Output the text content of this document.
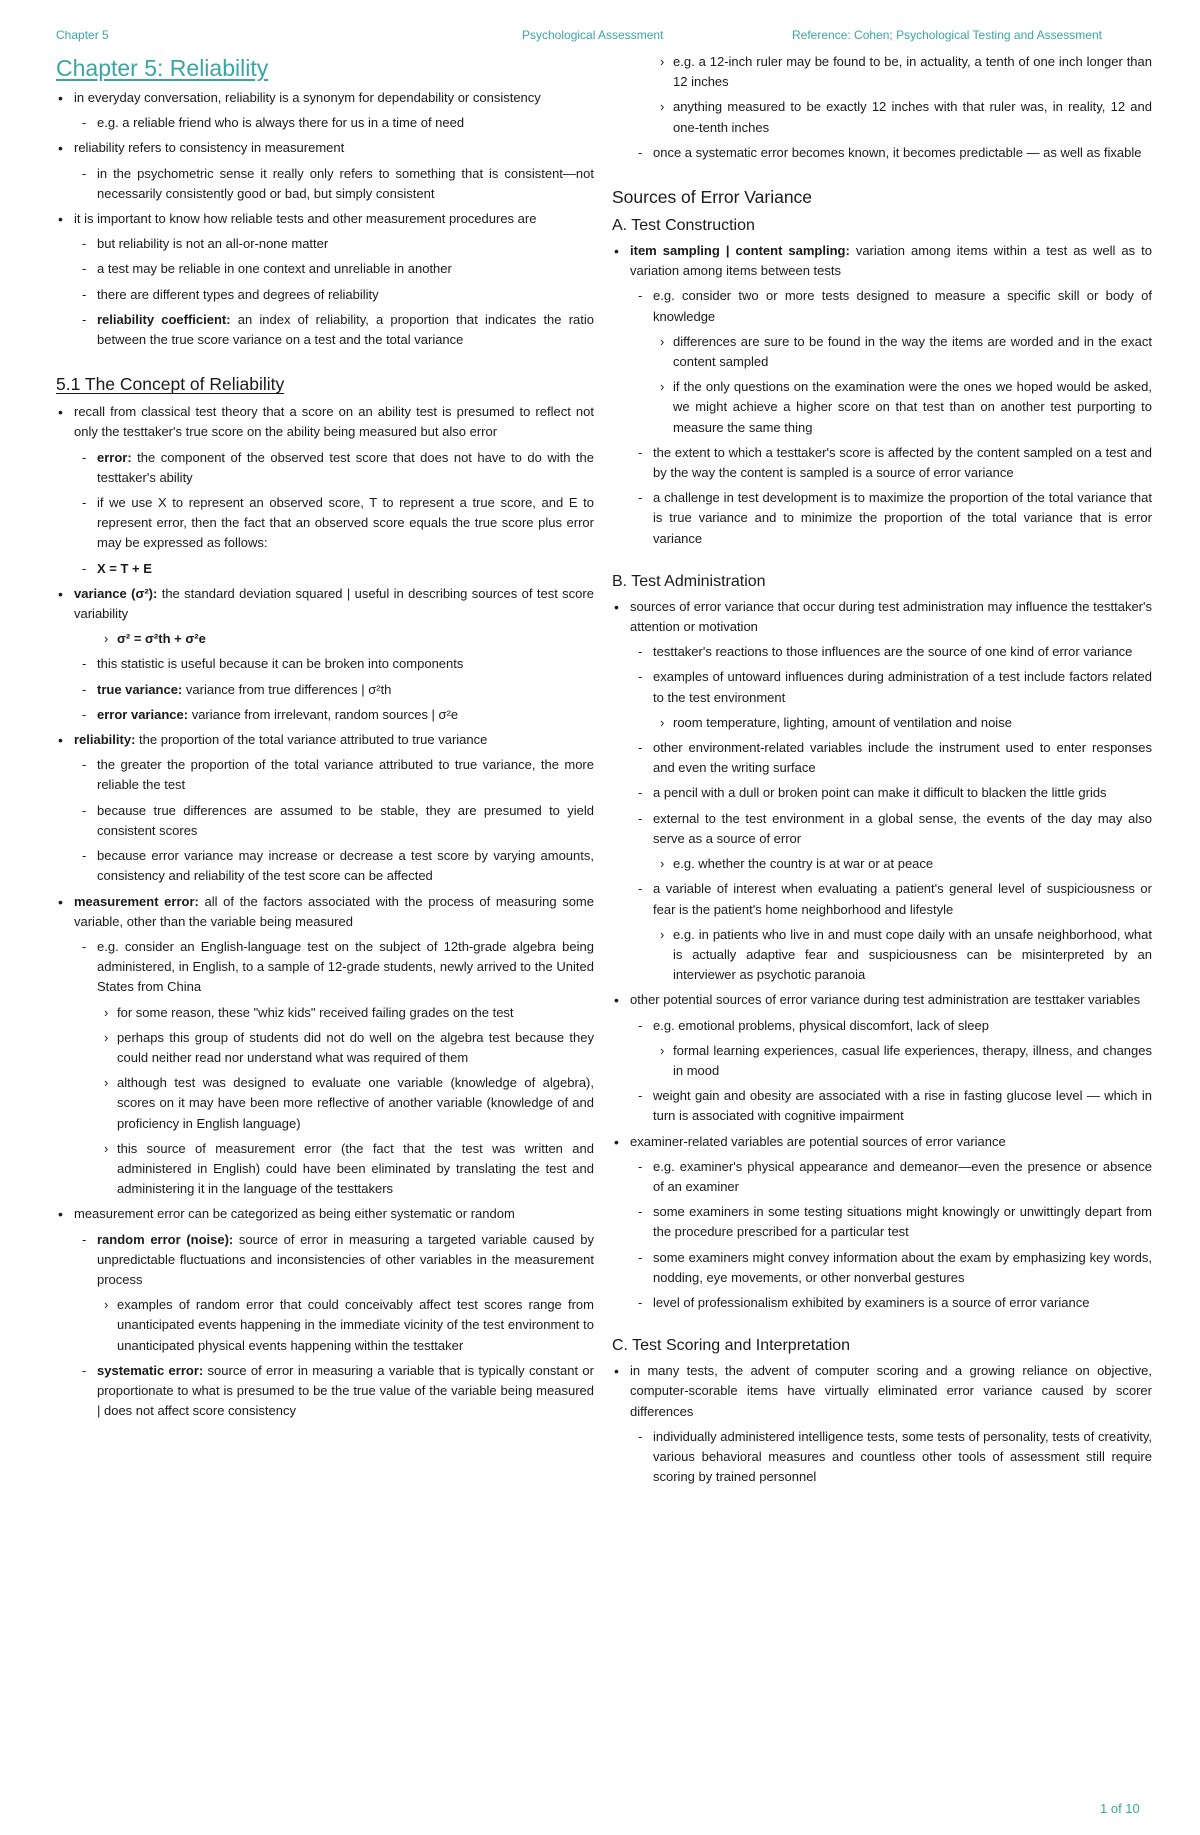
Chapter 5	Psychological Assessment	Reference: Cohen; Psychological Testing and Assessment
Chapter 5: Reliability
• in everyday conversation, reliability is a synonym for dependability or consistency
- e.g. a reliable friend who is always there for us in a time of need
• reliability refers to consistency in measurement
- in the psychometric sense it really only refers to something that is consistent—not necessarily consistently good or bad, but simply consistent
• it is important to know how reliable tests and other measurement procedures are
- but reliability is not an all-or-none matter
- a test may be reliable in one context and unreliable in another
- there are different types and degrees of reliability
- reliability coefficient: an index of reliability, a proportion that indicates the ratio between the true score variance on a test and the total variance
5.1 The Concept of Reliability
• recall from classical test theory that a score on an ability test is presumed to reflect not only the testtaker's true score on the ability being measured but also error
- error: the component of the observed test score that does not have to do with the testtaker's ability
- if we use X to represent an observed score, T to represent a true score, and E to represent error, then the fact that an observed score equals the true score plus error may be expressed as follows:
- X = T + E
• variance (σ²): the standard deviation squared | useful in describing sources of test score variability
› σ² = σ²th + σ²e
- this statistic is useful because it can be broken into components
- true variance: variance from true differences | σ²th
- error variance: variance from irrelevant, random sources | σ²e
• reliability: the proportion of the total variance attributed to true variance
- the greater the proportion of the total variance attributed to true variance, the more reliable the test
- because true differences are assumed to be stable, they are presumed to yield consistent scores
- because error variance may increase or decrease a test score by varying amounts, consistency and reliability of the test score can be affected
• measurement error: all of the factors associated with the process of measuring some variable, other than the variable being measured
- e.g. consider an English-language test on the subject of 12th-grade algebra being administered, in English, to a sample of 12-grade students, newly arrived to the United States from China
› for some reason, these "whiz kids" received failing grades on the test
› perhaps this group of students did not do well on the algebra test because they could neither read nor understand what was required of them
› although test was designed to evaluate one variable (knowledge of algebra), scores on it may have been more reflective of another variable (knowledge of and proficiency in English language)
› this source of measurement error (the fact that the test was written and administered in English) could have been eliminated by translating the test and administering it in the language of the testtakers
• measurement error can be categorized as being either systematic or random
- random error (noise): source of error in measuring a targeted variable caused by unpredictable fluctuations and inconsistencies of other variables in the measurement process
› examples of random error that could conceivably affect test scores range from unanticipated events happening in the immediate vicinity of the test environment to unanticipated physical events happening within the testtaker
- systematic error: source of error in measuring a variable that is typically constant or proportionate to what is presumed to be the true value of the variable being measured | does not affect score consistency
› e.g. a 12-inch ruler may be found to be, in actuality, a tenth of one inch longer than 12 inches
› anything measured to be exactly 12 inches with that ruler was, in reality, 12 and one-tenth inches
- once a systematic error becomes known, it becomes predictable — as well as fixable
Sources of Error Variance
A. Test Construction
• item sampling | content sampling: variation among items within a test as well as to variation among items between tests
- e.g. consider two or more tests designed to measure a specific skill or body of knowledge
› differences are sure to be found in the way the items are worded and in the exact content sampled
› if the only questions on the examination were the ones we hoped would be asked, we might achieve a higher score on that test than on another test purporting to measure the same thing
- the extent to which a testtaker's score is affected by the content sampled on a test and by the way the content is sampled is a source of error variance
- a challenge in test development is to maximize the proportion of the total variance that is true variance and to minimize the proportion of the total variance that is error variance
B. Test Administration
• sources of error variance that occur during test administration may influence the testtaker's attention or motivation
- testtaker's reactions to those influences are the source of one kind of error variance
- examples of untoward influences during administration of a test include factors related to the test environment
› room temperature, lighting, amount of ventilation and noise
- other environment-related variables include the instrument used to enter responses and even the writing surface
- a pencil with a dull or broken point can make it difficult to blacken the little grids
- external to the test environment in a global sense, the events of the day may also serve as a source of error
› e.g. whether the country is at war or at peace
- a variable of interest when evaluating a patient's general level of suspiciousness or fear is the patient's home neighborhood and lifestyle
› e.g. in patients who live in and must cope daily with an unsafe neighborhood, what is actually adaptive fear and suspiciousness can be misinterpreted by an interviewer as psychotic paranoia
• other potential sources of error variance during test administration are testtaker variables
- e.g. emotional problems, physical discomfort, lack of sleep
› formal learning experiences, casual life experiences, therapy, illness, and changes in mood
- weight gain and obesity are associated with a rise in fasting glucose level — which in turn is associated with cognitive impairment
• examiner-related variables are potential sources of error variance
- e.g. examiner's physical appearance and demeanor—even the presence or absence of an examiner
- some examiners in some testing situations might knowingly or unwittingly depart from the procedure prescribed for a particular test
- some examiners might convey information about the exam by emphasizing key words, nodding, eye movements, or other nonverbal gestures
- level of professionalism exhibited by examiners is a source of error variance
C. Test Scoring and Interpretation
• in many tests, the advent of computer scoring and a growing reliance on objective, computer-scorable items have virtually eliminated error variance caused by scorer differences
- individually administered intelligence tests, some tests of personality, tests of creativity, various behavioral measures and countless other tools of assessment still require scoring by trained personnel
1 of 10
